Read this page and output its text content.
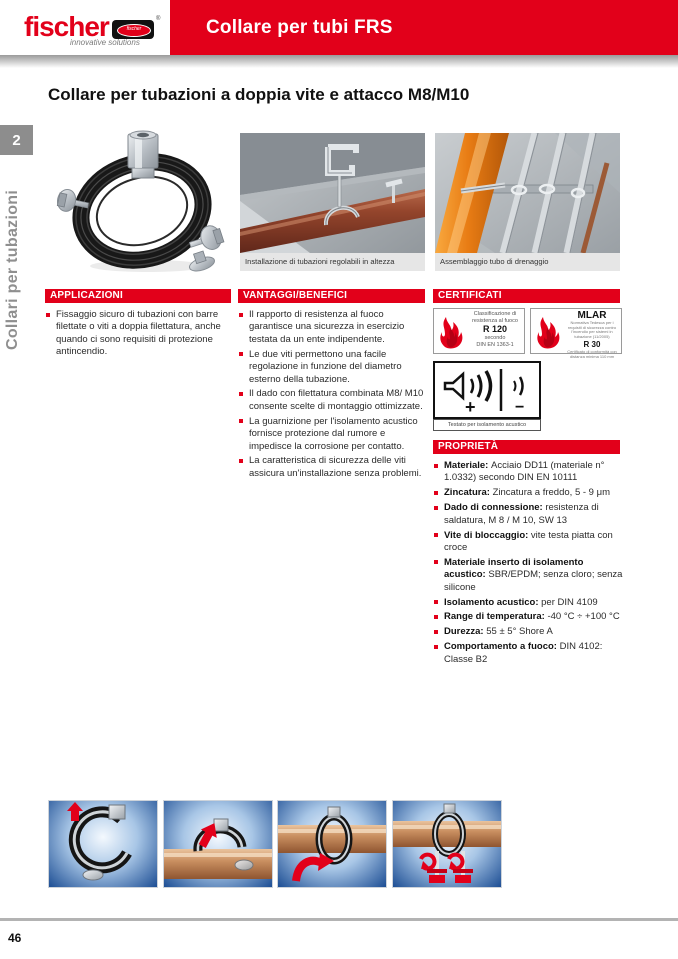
fischer	fischer
®
innovative solutions
Collare per tubi FRS
Collare per tubazioni a doppia vite e attacco M8/M10
2
Collari per tubazioni	Installazione di tubazioni regolabili in altezza	Assemblaggio tubo di drenaggio
APPLICAZIONI
Fissaggio sicuro di tubazioni con barre filettate o viti a doppia filettatura, anche quando ci sono requisiti di protezione antincendio.
VANTAGGI/BENEFICI
Il rapporto di resistenza al fuoco garantisce una sicurezza in esercizio testata da un ente indipendente.
Le due viti permettono una facile regolazione in funzione del diametro esterno della tubazione.
Il dado con filettatura combinata M8/ M10 consente scelte di montaggio ottimizzate.
La guarnizione per l'isolamento acustico fornisce protezione dal rumore e impedisce la corrosione per contatto.
La caratteristica di sicurezza delle viti assicura un'installazione senza problemi.
CERTIFICATI
Classificazione di
resistenza al fuoco
R 120
secondo
DIN EN 1363-1
MLAR
Normativa Tedesca per i requisiti di sicurezza contro l'incendio per sistemi in tubazione (11/2005)
R 30
Certificato di conformità con distanza minima 110 mm
+ −
Testato per isolamento acustico
PROPRIETÀ
Materiale: Acciaio DD11 (materiale n° 1.0332) secondo DIN EN 10111
Zincatura: Zincatura a freddo, 5 - 9 μm
Dado di connessione: resistenza di saldatura, M 8 / M 10, SW 13
Vite di bloccaggio: vite testa piatta con croce
Materiale inserto di isolamento acustico: SBR/EPDM; senza cloro; senza silicone
Isolamento acustico: per DIN 4109
Range di temperatura: -40 °C ÷ +100 °C
Durezza: 55 ± 5° Shore A
Comportamento a fuoco: DIN 4102: Classe B2
46
